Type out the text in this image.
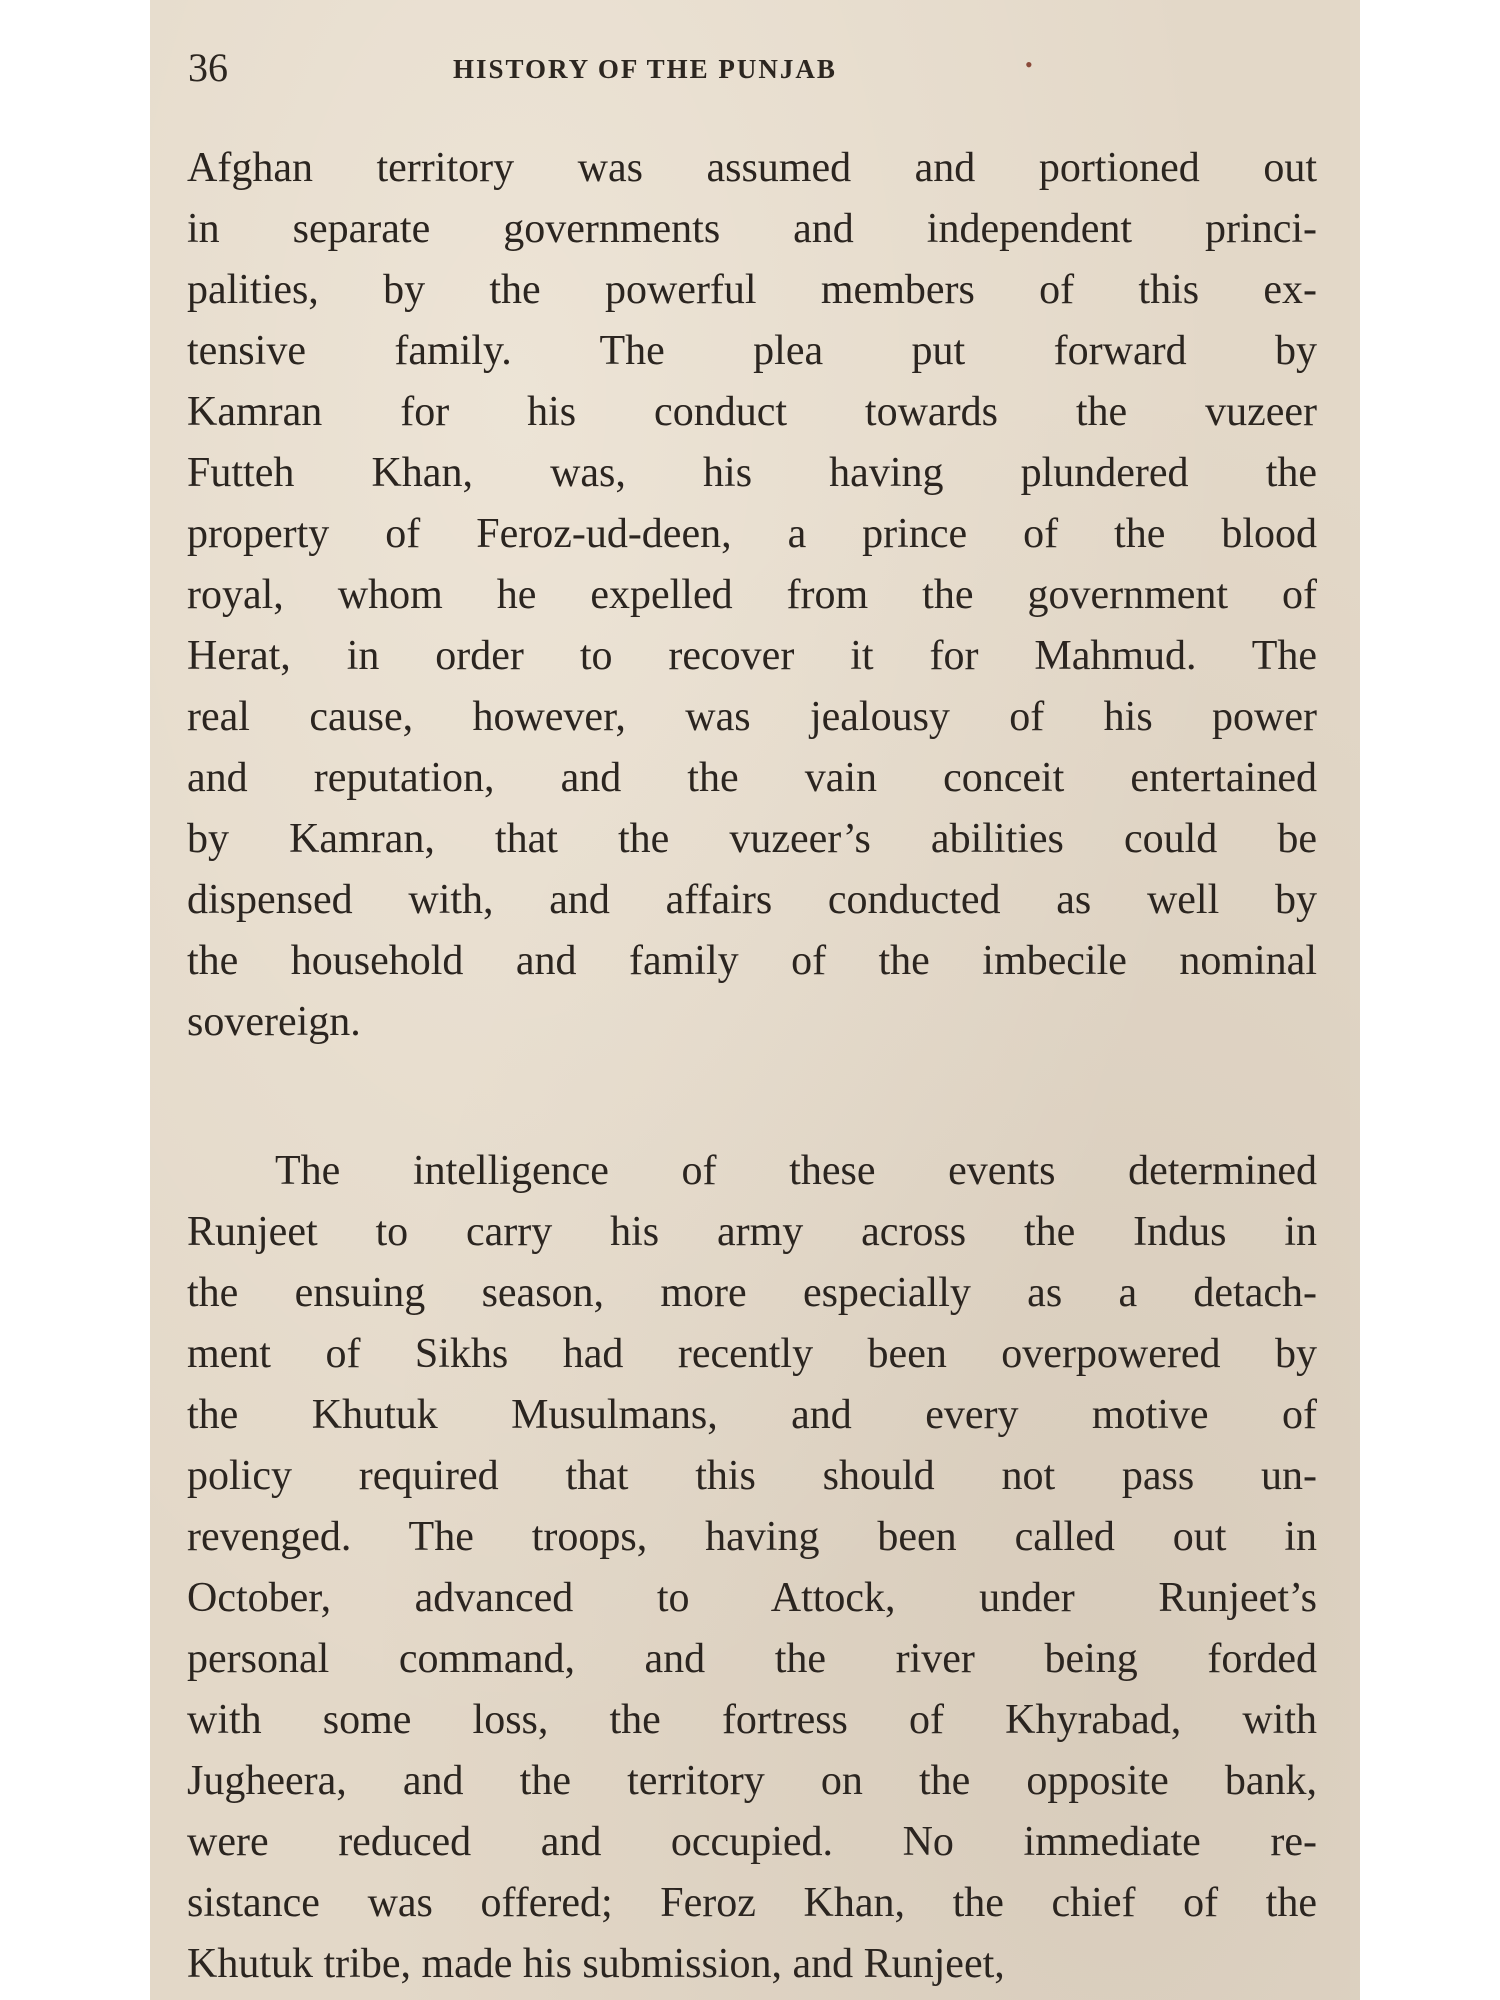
36	HISTORY OF THE PUNJAB	•
Afghan territory was assumed and portioned out
in separate governments and independent princi-
palities, by the powerful members of this ex-
tensive family. The plea put forward by
Kamran for his conduct towards the vuzeer
Futteh Khan, was, his having plundered the
property of Feroz-ud-deen, a prince of the blood
royal, whom he expelled from the government of
Herat, in order to recover it for Mahmud. The
real cause, however, was jealousy of his power
and reputation, and the vain conceit entertained
by Kamran, that the vuzeer’s abilities could be
dispensed with, and affairs conducted as well by
the household and family of the imbecile nominal
sovereign.
The intelligence of these events determined
Runjeet to carry his army across the Indus in
the ensuing season, more especially as a detach-
ment of Sikhs had recently been overpowered by
the Khutuk Musulmans, and every motive of
policy required that this should not pass un-
revenged. The troops, having been called out in
October, advanced to Attock, under Runjeet’s
personal command, and the river being forded
with some loss, the fortress of Khyrabad, with
Jugheera, and the territory on the opposite bank,
were reduced and occupied. No immediate re-
sistance was offered; Feroz Khan, the chief of the
Khutuk tribe, made his submission, and Runjeet,
